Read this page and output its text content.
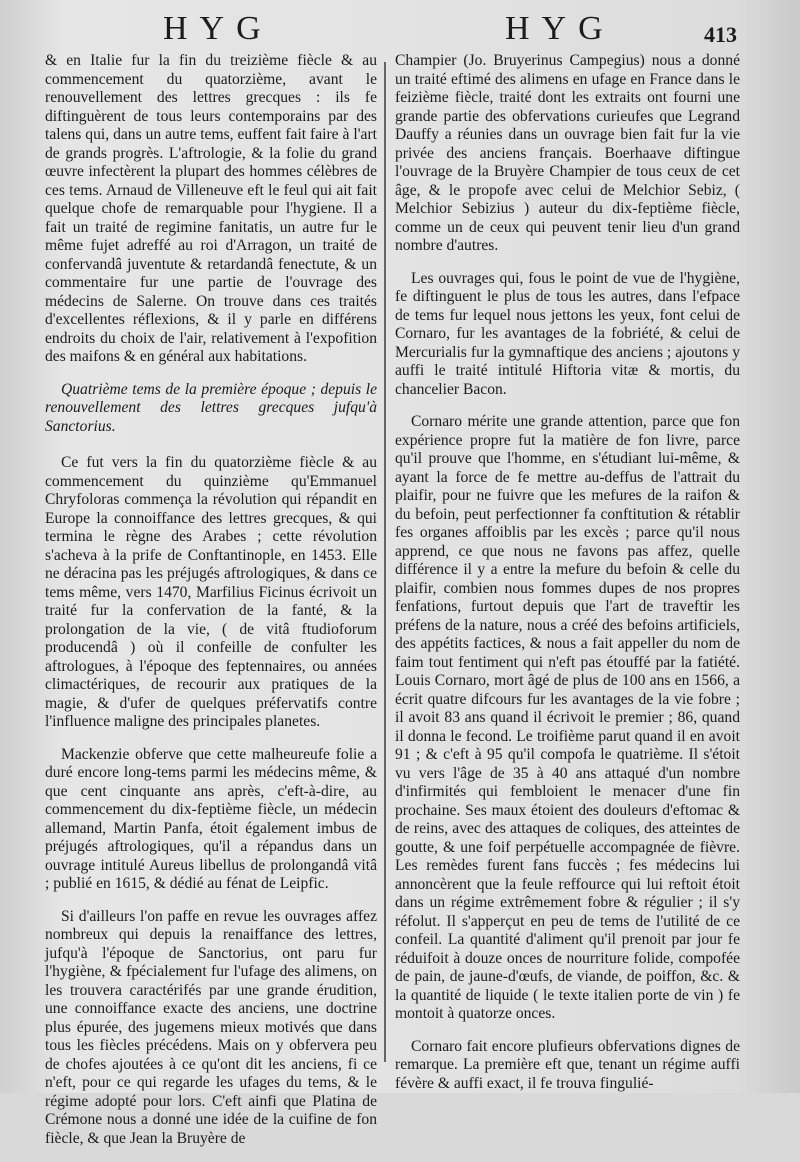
HYG	HYG	413

& en Italie fur la fin du treizième fiècle & au commencement du quatorzième, avant le renouvellement des lettres grecques : ils fe diftinguèrent de tous leurs contemporains par des talens qui, dans un autre tems, euffent fait faire à l'art de grands progrès. L'aftrologie, & la folie du grand œuvre infectèrent la plupart des hommes célèbres de ces tems. Arnaud de Villeneuve eft le feul qui ait fait quelque chofe de remarquable pour l'hygiene. Il a fait un traité de regimine fanitatis, un autre fur le même fujet adreffé au roi d'Arragon, un traité de confervandâ juventute & retardandâ fenectute, & un commentaire fur une partie de l'ouvrage des médecins de Salerne. On trouve dans ces traités d'excellentes réflexions, & il y parle en différens endroits du choix de l'air, relativement à l'expofition des maifons & en général aux habitations.

Quatrième tems de la première époque ; depuis le renouvellement des lettres grecques jufqu'à Sanctorius.

Ce fut vers la fin du quatorzième fiècle & au commencement du quinzième qu'Emmanuel Chryfoloras commença la révolution qui répandit en Europe la connoiffance des lettres grecques, & qui termina le règne des Arabes ; cette révolution s'acheva à la prife de Conftantinople, en 1453. Elle ne déracina pas les préjugés aftrologiques, & dans ce tems même, vers 1470, Marfilius Ficinus écrivoit un traité fur la confervation de la fanté, & la prolongation de la vie, ( de vitâ ftudioforum producendâ ) où il confeille de confulter les aftrologues, à l'époque des feptennaires, ou années climactériques, de recourir aux pratiques de la magie, & d'ufer de quelques préfervatifs contre l'influence maligne des principales planetes.

Mackenzie obferve que cette malheureufe folie a duré encore long-tems parmi les médecins même, & que cent cinquante ans après, c'eft-à-dire, au commencement du dix-feptième fiècle, un médecin allemand, Martin Panfa, étoit également imbus de préjugés aftrologiques, qu'il a répandus dans un ouvrage intitulé Aureus libellus de prolongandâ vitâ ; publié en 1615, & dédié au fénat de Leipfic.

Si d'ailleurs l'on paffe en revue les ouvrages affez nombreux qui depuis la renaiffance des lettres, jufqu'à l'époque de Sanctorius, ont paru fur l'hygiène, & fpécialement fur l'ufage des alimens, on les trouvera caractérifés par une grande érudition, une connoiffance exacte des anciens, une doctrine plus épurée, des jugemens mieux motivés que dans tous les fiècles précédens. Mais on y obfervera peu de chofes ajoutées à ce qu'ont dit les anciens, fi ce n'eft, pour ce qui regarde les ufages du tems, & le régime adopté pour lors. C'eft ainfi que Platina de Crémone nous a donné une idée de la cuifine de fon fiècle, & que Jean la Bruyère de

Champier (Jo. Bruyerinus Campegius) nous a donné un traité eftimé des alimens en ufage en France dans le feizième fiècle, traité dont les extraits ont fourni une grande partie des obfervations curieufes que Legrand Dauffy a réunies dans un ouvrage bien fait fur la vie privée des anciens français. Boerhaave diftingue l'ouvrage de la Bruyère Champier de tous ceux de cet âge, & le propofe avec celui de Melchior Sebiz, ( Melchior Sebizius ) auteur du dix-feptième fiècle, comme un de ceux qui peuvent tenir lieu d'un grand nombre d'autres.

Les ouvrages qui, fous le point de vue de l'hygiène, fe diftinguent le plus de tous les autres, dans l'efpace de tems fur lequel nous jettons les yeux, font celui de Cornaro, fur les avantages de la fobriété, & celui de Mercurialis fur la gymnaftique des anciens ; ajoutons y auffi le traité intitulé Hiftoria vitæ & mortis, du chancelier Bacon.

Cornaro mérite une grande attention, parce que fon expérience propre fut la matière de fon livre, parce qu'il prouve que l'homme, en s'étudiant lui-même, & ayant la force de fe mettre au-deffus de l'attrait du plaifir, pour ne fuivre que les mefures de la raifon & du befoin, peut perfectionner fa conftitution & rétablir fes organes affoiblis par les excès ; parce qu'il nous apprend, ce que nous ne favons pas affez, quelle différence il y a entre la mefure du befoin & celle du plaifir, combien nous fommes dupes de nos propres fenfations, furtout depuis que l'art de traveftir les préfens de la nature, nous a créé des befoins artificiels, des appétits factices, & nous a fait appeller du nom de faim tout fentiment qui n'eft pas étouffé par la fatiété. Louis Cornaro, mort âgé de plus de 100 ans en 1566, a écrit quatre difcours fur les avantages de la vie fobre ; il avoit 83 ans quand il écrivoit le premier ; 86, quand il donna le fecond. Le troifième parut quand il en avoit 91 ; & c'eft à 95 qu'il compofa le quatrième. Il s'étoit vu vers l'âge de 35 à 40 ans attaqué d'un nombre d'infirmités qui fembloient le menacer d'une fin prochaine. Ses maux étoient des douleurs d'eftomac & de reins, avec des attaques de coliques, des atteintes de goutte, & une foif perpétuelle accompagnée de fièvre. Les remèdes furent fans fuccès ; fes médecins lui annoncèrent que la feule reffource qui lui reftoit étoit dans un régime extrêmement fobre & régulier ; il s'y réfolut. Il s'apperçut en peu de tems de l'utilité de ce confeil. La quantité d'aliment qu'il prenoit par jour fe réduifoit à douze onces de nourriture folide, compofée de pain, de jaune-d'œufs, de viande, de poiffon, &c. & la quantité de liquide ( le texte italien porte de vin ) fe montoit à quatorze onces.

Cornaro fait encore plufieurs obfervations dignes de remarque. La première eft que, tenant un régime auffi févère & auffi exact, il fe trouva fingulié-
